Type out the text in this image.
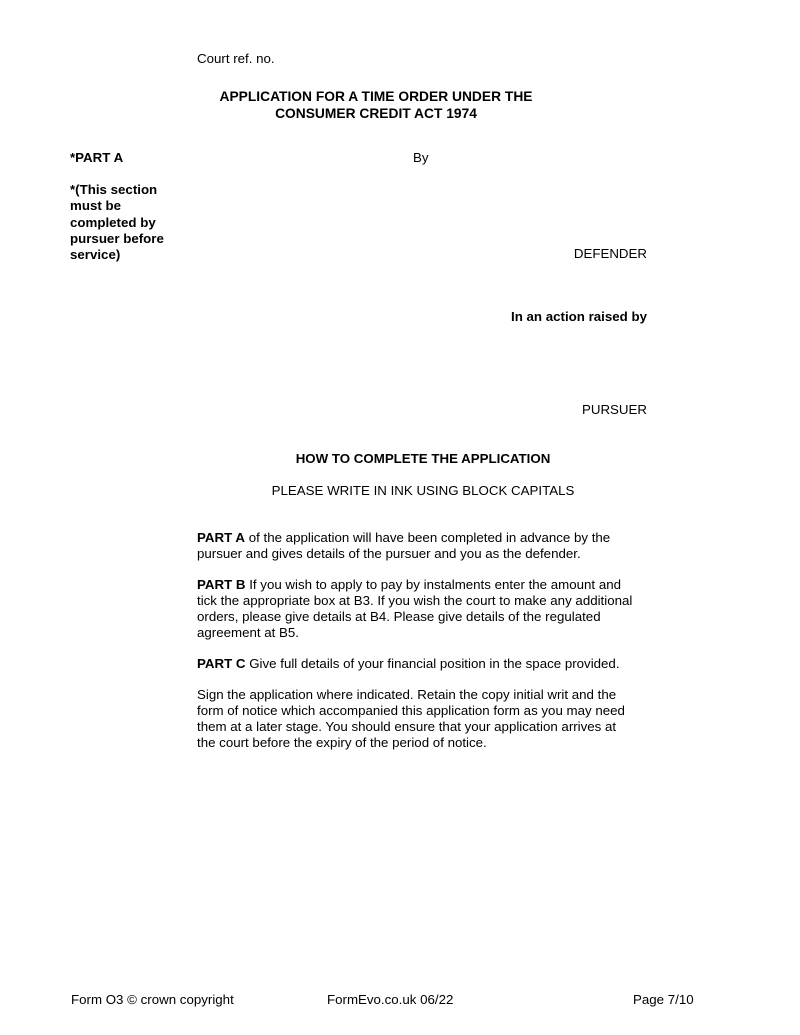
Court ref. no.
APPLICATION FOR A TIME ORDER UNDER THE
CONSUMER CREDIT ACT 1974
*PART A	By
*(This section
must be
completed by
pursuer before
service)	DEFENDER
In an action raised by
PURSUER
HOW TO COMPLETE THE APPLICATION
PLEASE WRITE IN INK USING BLOCK CAPITALS
PART A of the application will have been completed in advance by the
pursuer and gives details of the pursuer and you as the defender.
PART B If you wish to apply to pay by instalments enter the amount and
tick the appropriate box at B3. If you wish the court to make any additional
orders, please give details at B4. Please give details of the regulated
agreement at B5.
PART C Give full details of your financial position in the space provided.
Sign the application where indicated. Retain the copy initial writ and the
form of notice which accompanied this application form as you may need
them at a later stage. You should ensure that your application arrives at
the court before the expiry of the period of notice.
Form O3 © crown copyright	FormEvo.co.uk 06/22	Page 7/10
